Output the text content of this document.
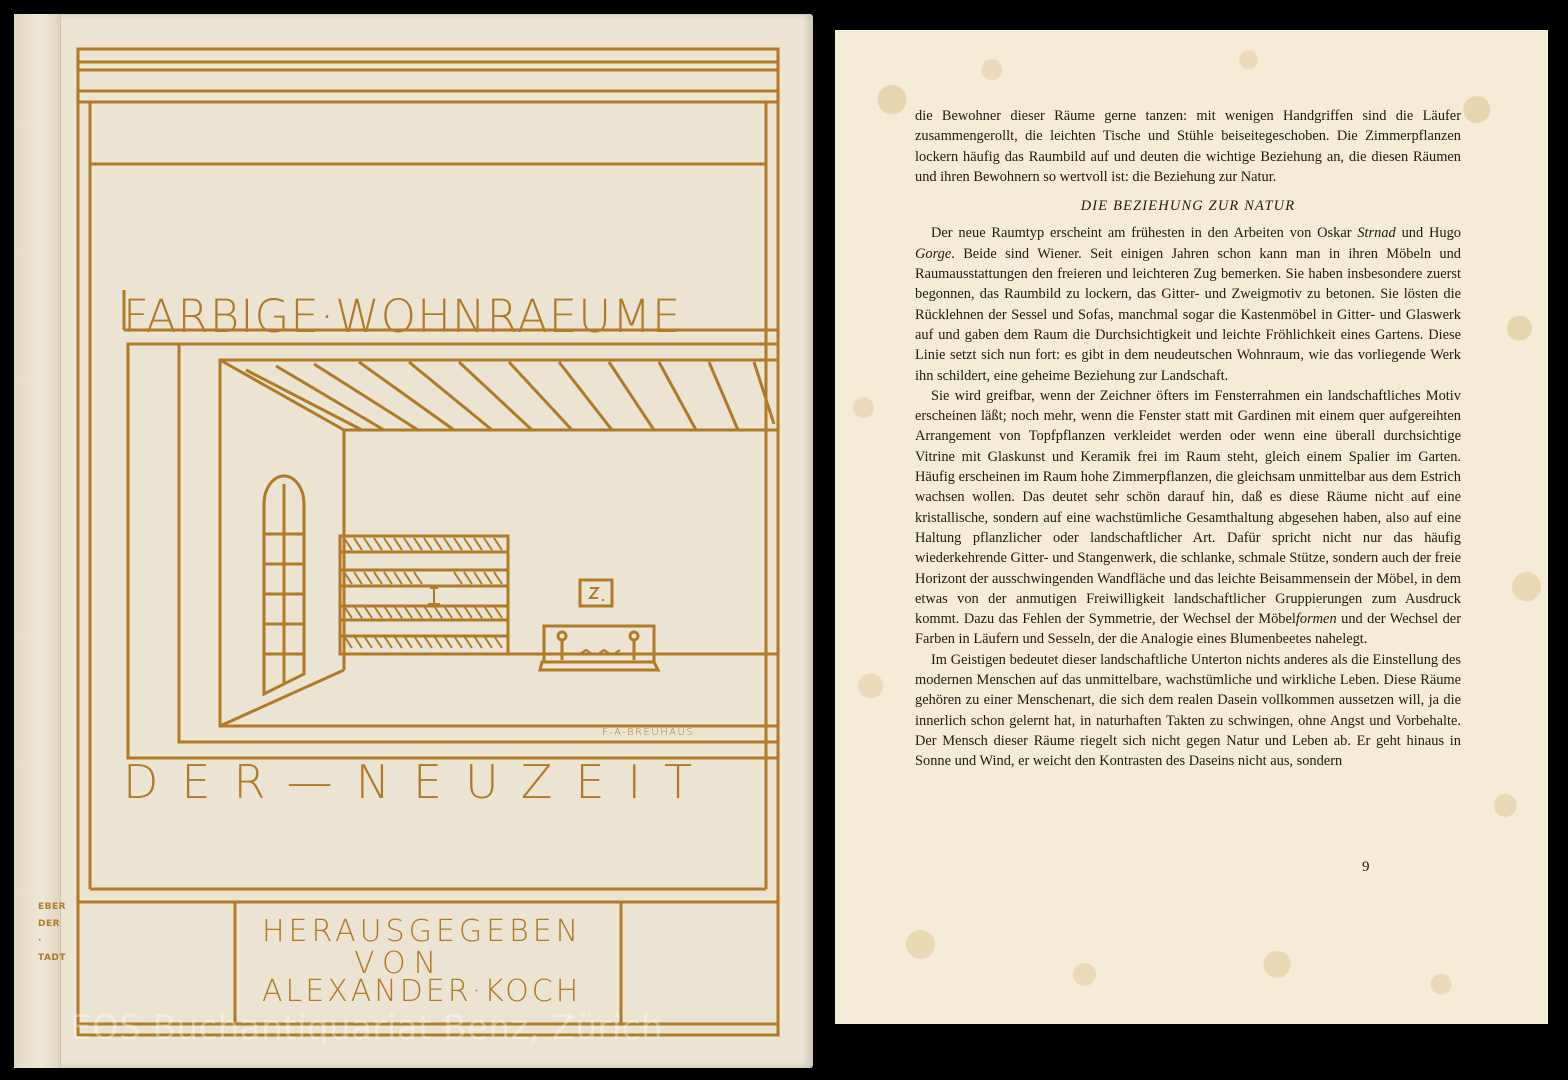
FARBIGE·WOHNRAEUME
DER—NEUZEIT
F-A-BREUHAUS
HERAUSGEGEBEN
VON
ALEXANDER·KOCH
EBER
DER
·
TADT
EOS Buchantiquariat Benz, Zürich

die Bewohner dieser Räume gerne tanzen: mit wenigen Handgriffen sind die Läufer zusammengerollt, die leichten Tische und Stühle beiseitegeschoben. Die Zimmerpflanzen lockern häufig das Raumbild auf und deuten die wichtige Beziehung an, die diesen Räumen und ihren Bewohnern so wertvoll ist: die Beziehung zur Natur.

DIE BEZIEHUNG ZUR NATUR

Der neue Raumtyp erscheint am frühesten in den Arbeiten von Oskar Strnad und Hugo Gorge. Beide sind Wiener. Seit einigen Jahren schon kann man in ihren Möbeln und Raumausstattungen den freieren und leichteren Zug bemerken. Sie haben insbesondere zuerst begonnen, das Raumbild zu lockern, das Gitter- und Zweigmotiv zu betonen. Sie lösten die Rücklehnen der Sessel und Sofas, manchmal sogar die Kastenmöbel in Gitter- und Glaswerk auf und gaben dem Raum die Durchsichtigkeit und leichte Fröhlichkeit eines Gartens. Diese Linie setzt sich nun fort: es gibt in dem neudeutschen Wohnraum, wie das vorliegende Werk ihn schildert, eine geheime Beziehung zur Landschaft.

Sie wird greifbar, wenn der Zeichner öfters im Fensterrahmen ein landschaftliches Motiv erscheinen läßt; noch mehr, wenn die Fenster statt mit Gardinen mit einem quer aufgereihten Arrangement von Topfpflanzen verkleidet werden oder wenn eine überall durchsichtige Vitrine mit Glaskunst und Keramik frei im Raum steht, gleich einem Spalier im Garten. Häufig erscheinen im Raum hohe Zimmerpflanzen, die gleichsam unmittelbar aus dem Estrich wachsen wollen. Das deutet sehr schön darauf hin, daß es diese Räume nicht auf eine kristallische, sondern auf eine wachstümliche Gesamthaltung abgesehen haben, also auf eine Haltung pflanzlicher oder landschaftlicher Art. Dafür spricht nicht nur das häufig wiederkehrende Gitter- und Stangenwerk, die schlanke, schmale Stütze, sondern auch der freie Horizont der ausschwingenden Wandfläche und das leichte Beisammensein der Möbel, in dem etwas von der anmutigen Freiwilligkeit landschaftlicher Gruppierungen zum Ausdruck kommt. Dazu das Fehlen der Symmetrie, der Wechsel der Möbelformen und der Wechsel der Farben in Läufern und Sesseln, der die Analogie eines Blumenbeetes nahelegt.

Im Geistigen bedeutet dieser landschaftliche Unterton nichts anderes als die Einstellung des modernen Menschen auf das unmittelbare, wachstümliche und wirkliche Leben. Diese Räume gehören zu einer Menschenart, die sich dem realen Dasein vollkommen aussetzen will, ja die innerlich schon gelernt hat, in naturhaften Takten zu schwingen, ohne Angst und Vorbehalte. Der Mensch dieser Räume riegelt sich nicht gegen Natur und Leben ab. Er geht hinaus in Sonne und Wind, er weicht den Kontrasten des Daseins nicht aus, sondern

9
